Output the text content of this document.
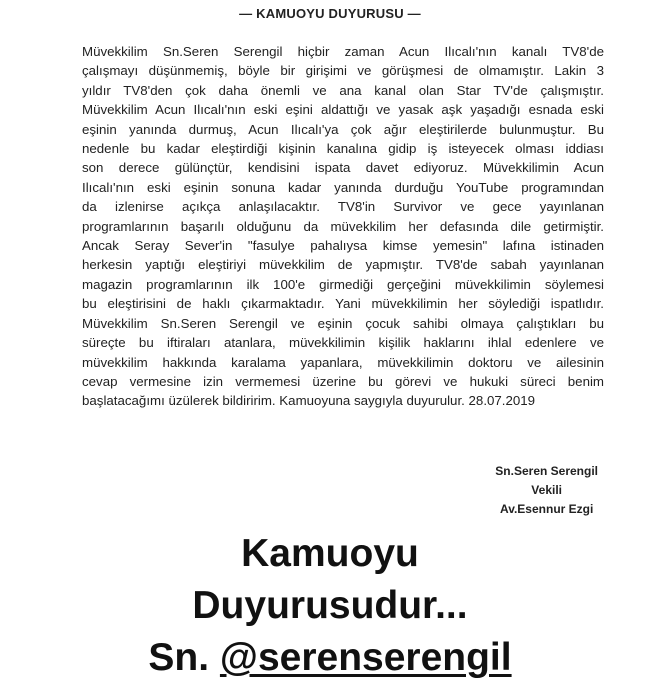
— KAMUOYU DUYURUSU —
Müvekkilim Sn.Seren Serengil hiçbir zaman Acun Ilıcalı'nın kanalı TV8'de
çalışmayı düşünmemiş, böyle bir girişimi ve görüşmesi de olmamıştır. Lakin 3
yıldır TV8'den çok daha önemli ve ana kanal olan Star TV'de çalışmıştır.
Müvekkilim Acun Ilıcalı'nın eski eşini aldattığı ve yasak aşk yaşadığı esnada eski
eşinin yanında durmuş, Acun Ilıcalı'ya çok ağır eleştirilerde bulunmuştur. Bu
nedenle bu kadar eleştirdiği kişinin kanalına gidip iş isteyecek olması iddiası
son derece gülünçtür, kendisini ispata davet ediyoruz. Müvekkilimin Acun
Ilıcalı'nın eski eşinin sonuna kadar yanında durduğu YouTube programından
da izlenirse açıkça anlaşılacaktır. TV8'in Survivor ve gece yayınlanan
programlarının başarılı olduğunu da müvekkilim her defasında dile getirmiştir.
Ancak Seray Sever'in "fasulye pahalıysa kimse yemesin" lafına istinaden
herkesin yaptığı eleştiriyi müvekkilim de yapmıştır. TV8'de sabah yayınlanan
magazin programlarının ilk 100'e girmediği gerçeğini müvekkilimin söylemesi
bu eleştirisini de haklı çıkarmaktadır. Yani müvekkilimin her söylediği ispatlıdır.
Müvekkilim Sn.Seren Serengil ve eşinin çocuk sahibi olmaya çalıştıkları bu
süreçte bu iftiraları atanlara, müvekkilimin kişilik haklarını ihlal edenlere ve
müvekkilim hakkında karalama yapanlara, müvekkilimin doktoru ve ailesinin
cevap vermesine izin vermemesi üzerine bu görevi ve hukuki süreci benim
başlatacağımı üzülerek bildiririm. Kamuoyuna saygıyla duyurulur. 28.07.2019
Sn.Seren Serengil
Vekili
Av.Esennur Ezgi
Kamuoyu
Duyurusudur...
Sn. @serenserengil
